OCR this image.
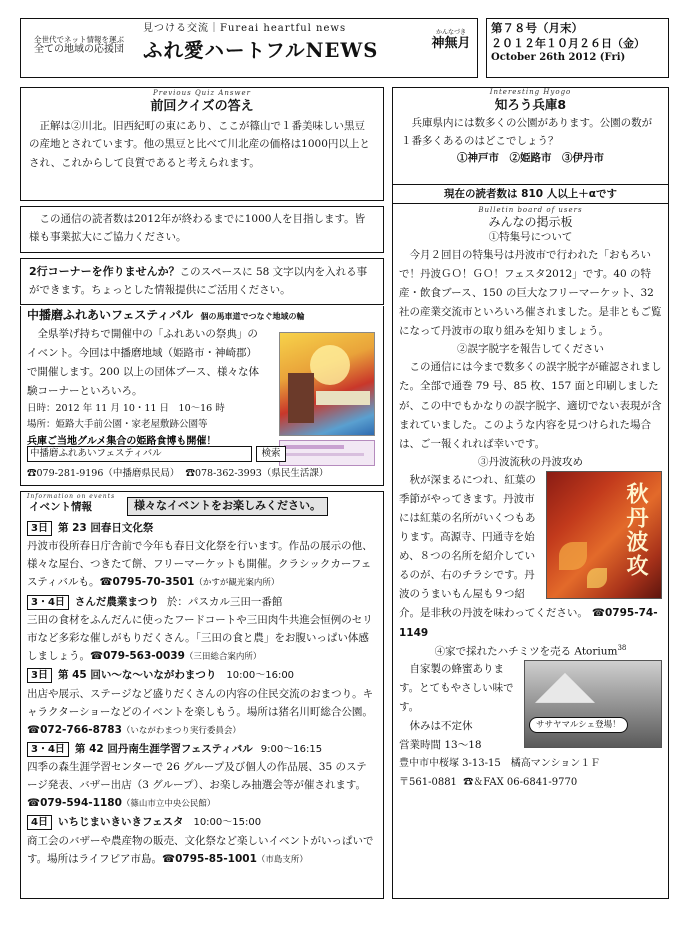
全世代でネット情報を運ぶ
全ての地域の応援団
見つける交流｜Fureai heartful news
ふれ愛ハートフルNEWS
かんなづき
神無月
第７８号（月末）
２０１２年１０月２６日（金）
October 26th 2012 (Fri)
Previous Quiz Answer
前回クイズの答え

正解は②川北。旧西紀町の東にあり、ここが篠山で１番美味しい黒豆の産地とされています。他の黒豆と比べて川北産の価格は1000円以上とされ、これからして良質であると考えられます。

この通信の読者数は2012年が終わるまでに1000人を目指します。皆様も事業拡大にご協力ください。

2行コーナーを作りませんか？このスペースに 58 文字以内を入れる事ができます。ちょっとした情報提供にご活用ください。

中播磨ふれあいフェスティバル 個の馬車道でつなぐ地域の輪

全県挙げ持ちで開催中の「ふれあいの祭典」のイベント。今回は中播磨地域（姫路市・神崎郡）で開催します。200 以上の団体ブース、様々な体験コーナーといろいろ。

日時：2012 年 11 月 10・11 日　10～16 時
場所：姫路大手前公園・家老屋敷跡公園等
兵庫ご当地グルメ集合の姫路食博も開催！
中播磨ふれあいフェスティバル	検索
☎ 079-281-9196（中播磨県民局） ☎ 078-362-3993（県民生活課）
Information on events
イベント情報	様々なイベントをお楽しみください。
3日 第 23 回春日文化祭

丹波市役所春日庁舎前で今年も春日文化祭を行います。作品の展示の他、様々な屋台、つきたて餅、フリーマーケットも開催。クラシックカーフェスティバルも。 ☎ 0795-70-3501（かすが観光案内所）

3・4日 さんだ農業まつり 於：パスカル三田一番館

三田の食材をふんだんに使ったフードコートや三田肉牛共進会恒例のセリ市など多彩な催しがもりだくさん。「三田の食と農」をお腹いっぱい体感しましょう。 ☎ 079-563-0039（三田総合案内所）

3日 第 45 回い～な～いながわまつり 10:00～16:00

出店や展示、ステージなど盛りだくさんの内容の住民交流のおまつり。キャラクターショーなどのイベントを楽しもう。場所は猪名川町総合公園。☎ 072-766-8783（いながわまつり実行委員会）

3・4日 第 42 回丹南生涯学習フェスティバル 9:00～16:15

四季の森生涯学習センターで 26 グループ及び個人の作品展、35 のステージ発表、バザー出店（3 グループ）、お楽しみ抽選会等が催されます。☎ 079-594-1180（篠山市立中央公民館）

4日 いちじまいきいきフェスタ 10:00～15:00

商工会のバザーや農産物の販売、文化祭など楽しいイベントがいっぱいです。場所はライフピア市島。 ☎ 0795-85-1001（市島支所）

Interesting Hyogo
知ろう兵庫8

兵庫県内には数多くの公園があります。公園の数が１番多くあるのはどこでしょう？

①神戸市　②姫路市　③伊丹市
現在の読者数は 810 人以上＋αです
Bulletin board of users
みんなの掲示板
①特集号について

今月２回目の特集号は丹波市で行われた「おもろいで！丹波ＧＯ！ＧＯ！フェスタ2012」です。40 の特産・飲食ブース、150 の巨大なフリーマーケット、32 社の産業交流市といろいろ催されました。是非ともご覧になって丹波市の取り組みを知りましょう。

②誤字脱字を報告してください

この通信には今まで数多くの誤字脱字が確認されました。全部で通巻 79 号、85 枚、157 面と印刷しましたが、この中でもかなりの誤字脱字、適切でない表現が含まれていました。このような内容を見つけられた場合は、ご一報くれれば幸いです。

③丹波流秋の丹波攻め
秋丹波攻

秋が深まるにつれ、紅葉の季節がやってきます。丹波市には紅葉の名所がいくつもあります。高源寺、円通寺を始め、８つの名所を紹介しているのが、右のチラシです。丹波のうまいもん屋も９つ紹介。是非秋の丹波を味わってください。 ☎ 0795-74-1149

④家で採れたハチミツを売る Atorium$^{38}$
ササヤマルシェ登場！

自家製の蜂蜜あります。とてもやさしい味です。

休みは不定休
営業時間 13～18
豊中市中桜塚 3-13-15　橘高マンション１Ｆ
〒561-0881 ☎ ＆FAX 06-6841-9770
